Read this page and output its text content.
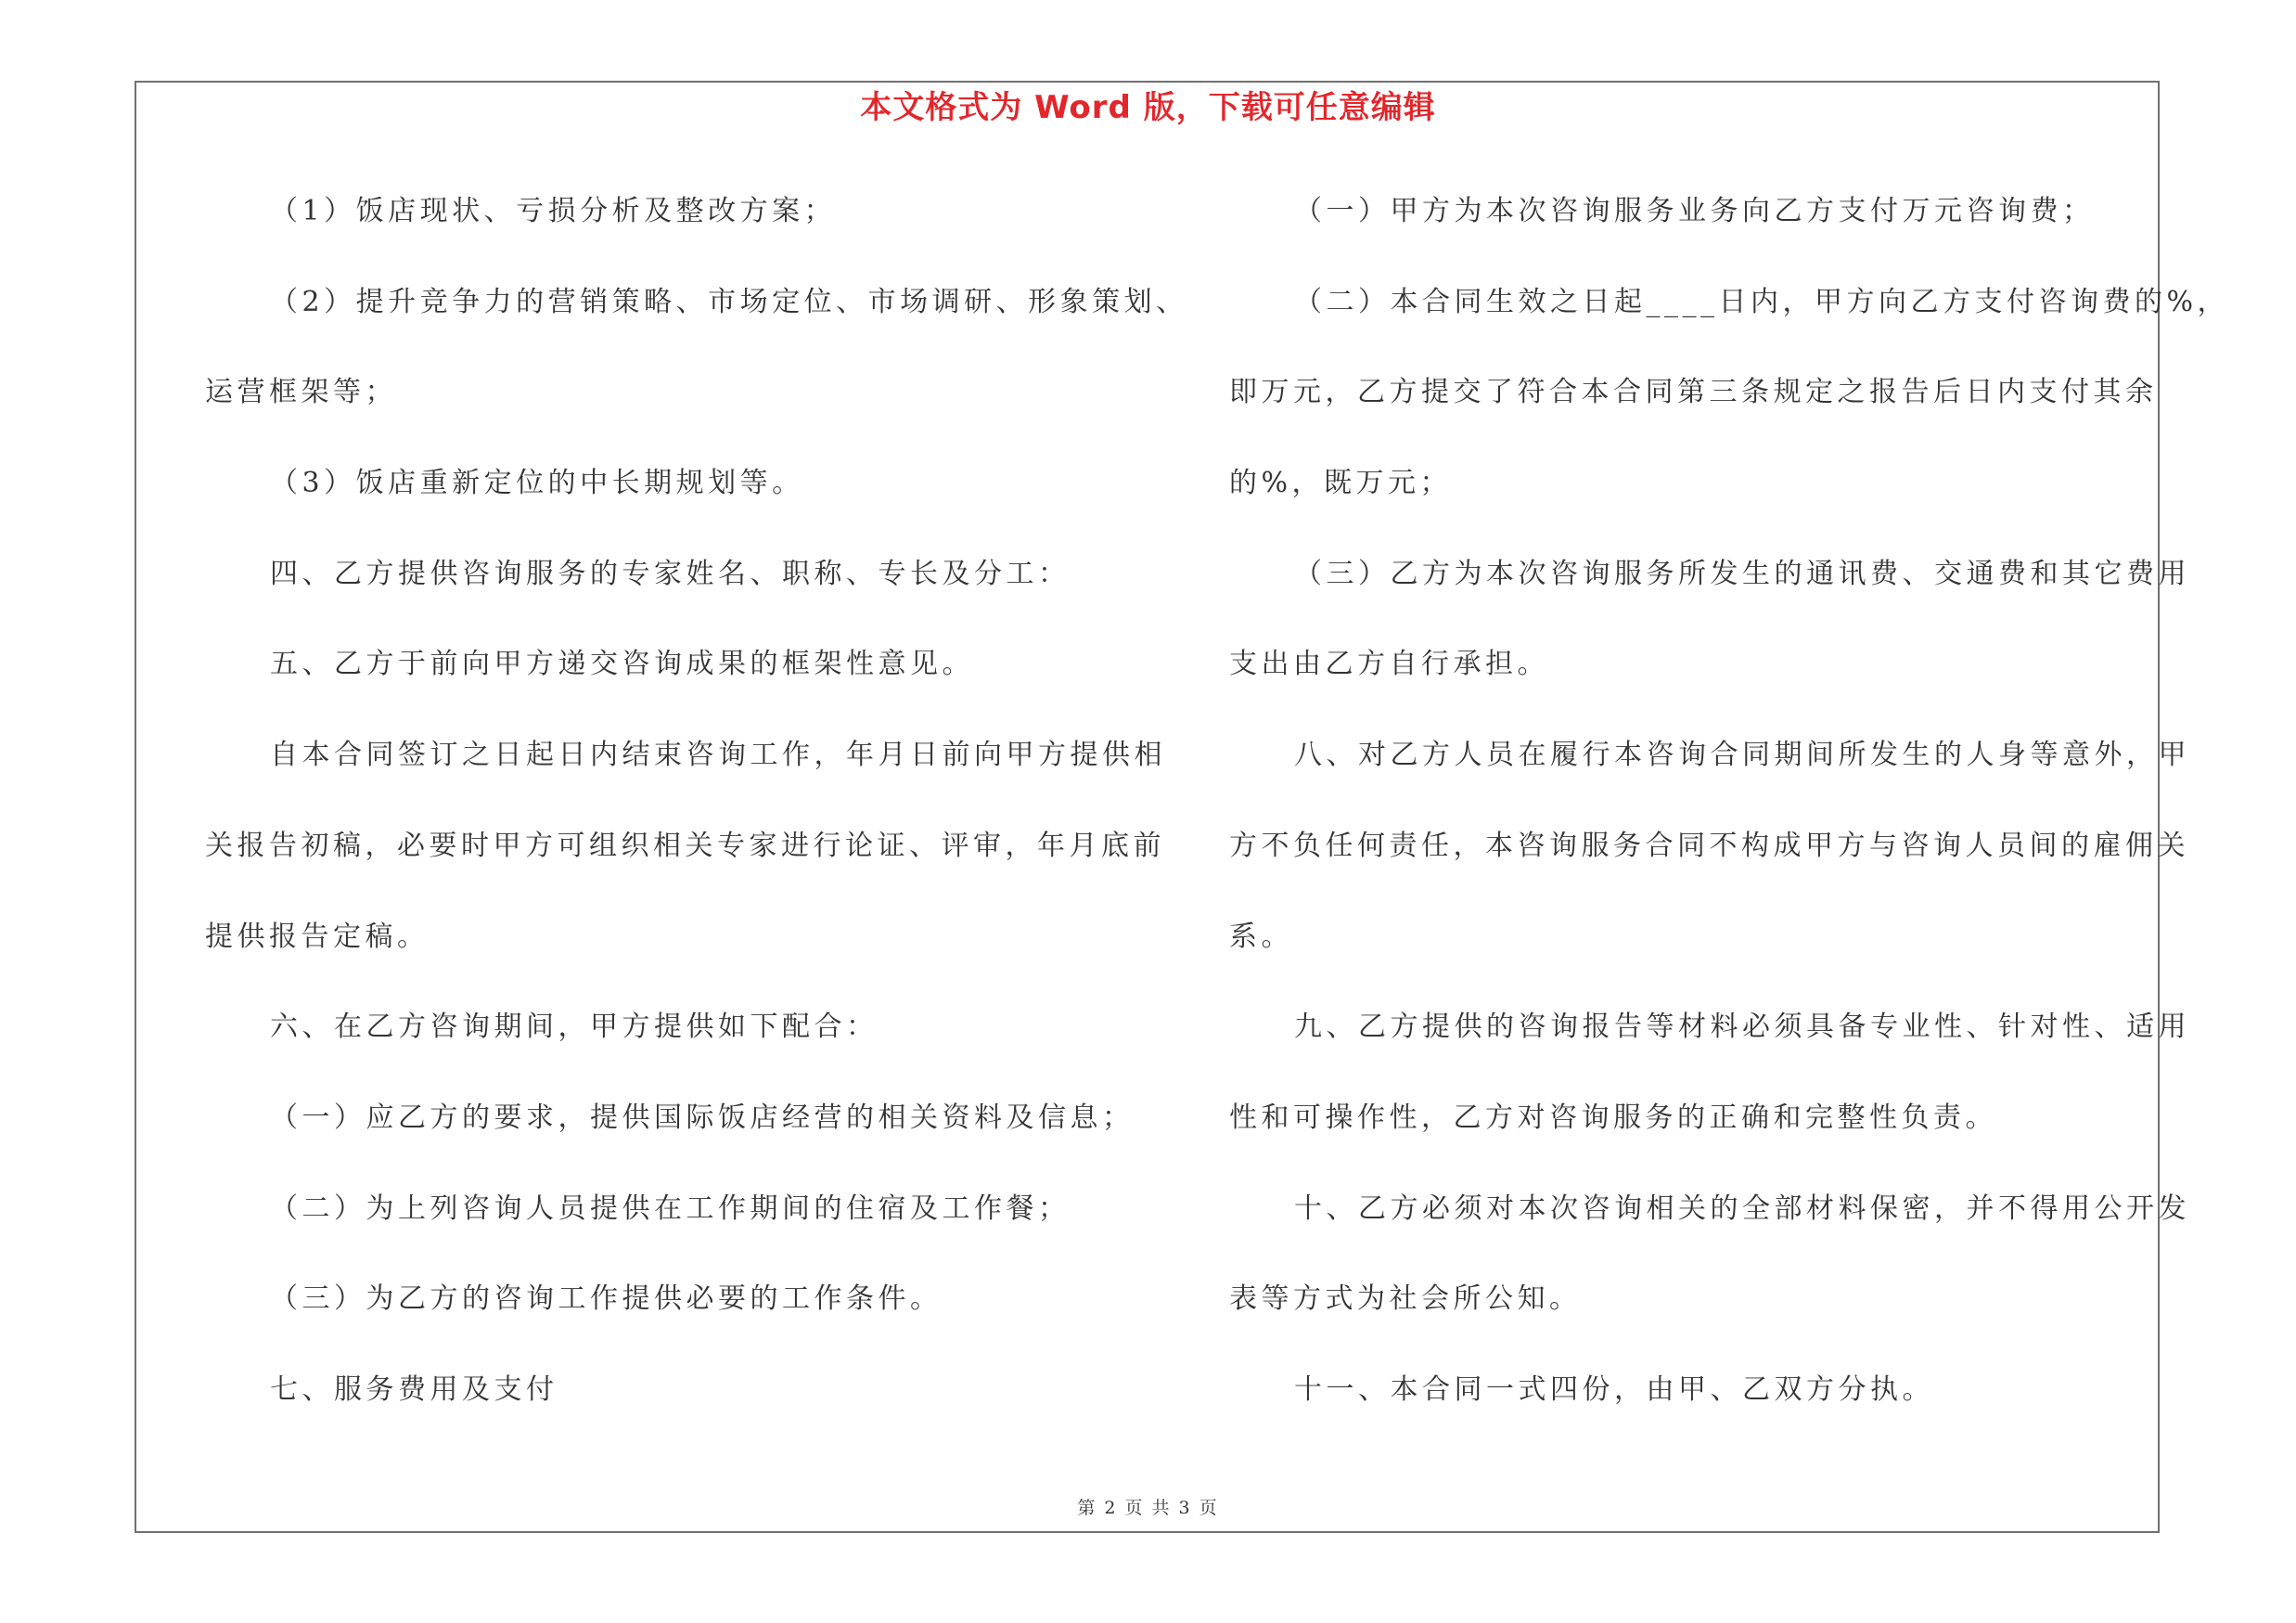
本文格式为 Word 版，下载可任意编辑
（1）饭店现状、亏损分析及整改方案；
（2）提升竞争力的营销策略、市场定位、市场调研、形象策划、
运营框架等；
（3）饭店重新定位的中长期规划等。
四、乙方提供咨询服务的专家姓名、职称、专长及分工：
五、乙方于前向甲方递交咨询成果的框架性意见。
自本合同签订之日起日内结束咨询工作，年月日前向甲方提供相
关报告初稿，必要时甲方可组织相关专家进行论证、评审，年月底前
提供报告定稿。
六、在乙方咨询期间，甲方提供如下配合：
（一）应乙方的要求，提供国际饭店经营的相关资料及信息；
（二）为上列咨询人员提供在工作期间的住宿及工作餐；
（三）为乙方的咨询工作提供必要的工作条件。
七、服务费用及支付
（一）甲方为本次咨询服务业务向乙方支付万元咨询费；
（二）本合同生效之日起____日内，甲方向乙方支付咨询费的%，
即万元，乙方提交了符合本合同第三条规定之报告后日内支付其余
的%，既万元；
（三）乙方为本次咨询服务所发生的通讯费、交通费和其它费用
支出由乙方自行承担。
八、对乙方人员在履行本咨询合同期间所发生的人身等意外，甲
方不负任何责任，本咨询服务合同不构成甲方与咨询人员间的雇佣关
系。
九、乙方提供的咨询报告等材料必须具备专业性、针对性、适用
性和可操作性，乙方对咨询服务的正确和完整性负责。
十、乙方必须对本次咨询相关的全部材料保密，并不得用公开发
表等方式为社会所公知。
十一、本合同一式四份，由甲、乙双方分执。
第 2 页 共 3 页
